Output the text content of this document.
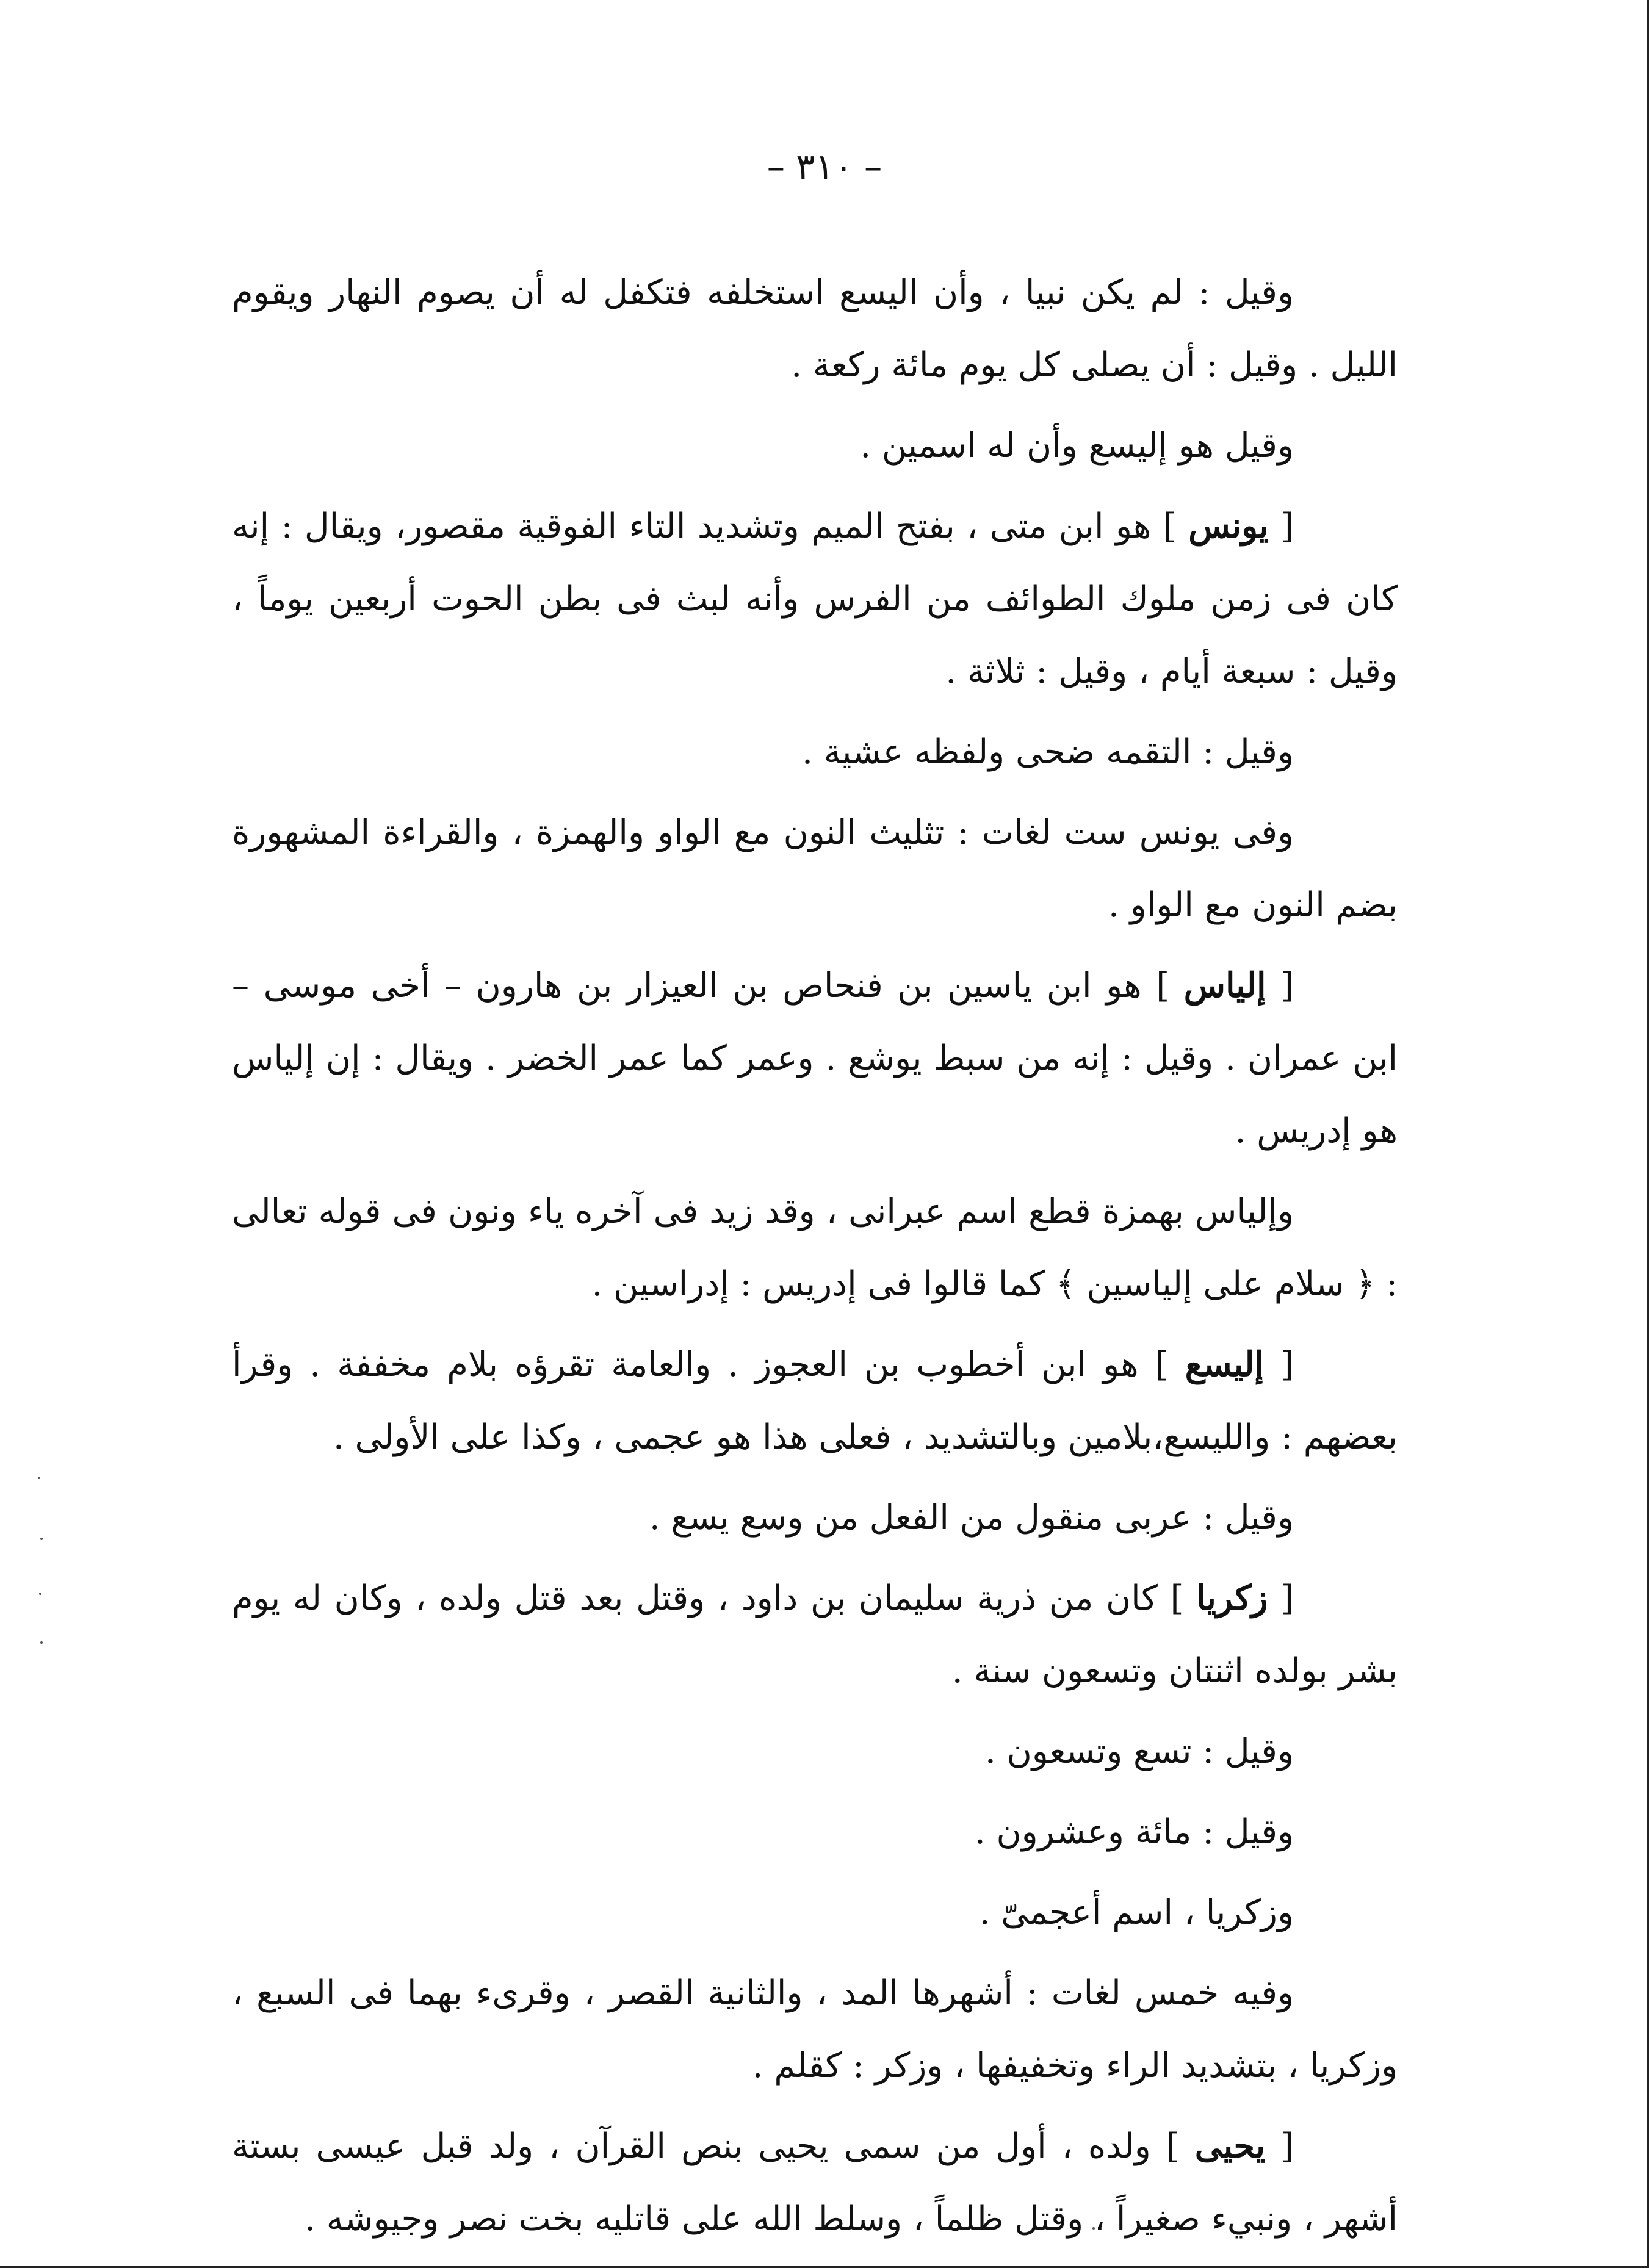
– ٣١٠ –

وقيل : لم يكن نبيا ، وأن اليسع استخلفه فتكفل له أن يصوم النهار ويقوم الليل . وقيل : أن يصلى كل يوم مائة ركعة .

وقيل هو إليسع وأن له اسمين .

[ يونس ] هو ابن متى ، بفتح الميم وتشديد التاء الفوقية مقصور، ويقال : إنه كان فى زمن ملوك الطوائف من الفرس وأنه لبث فى بطن الحوت أربعين يوماً ، وقيل : سبعة أيام ، وقيل : ثلاثة .

وقيل : التقمه ضحى ولفظه عشية .

وفى يونس ست لغات : تثليث النون مع الواو والهمزة ، والقراءة المشهورة بضم النون مع الواو .

[ إلياس ] هو ابن ياسين بن فنحاص بن العيزار بن هارون – أخى موسى – ابن عمران . وقيل : إنه من سبط يوشع . وعمر كما عمر الخضر . ويقال : إن إلياس هو إدريس .

وإلياس بهمزة قطع اسم عبرانى ، وقد زيد فى آخره ياء ونون فى قوله تعالى : ﴿ سلام على إلياسين ﴾ كما قالوا فى إدريس : إدراسين .

[ إليسع ] هو ابن أخطوب بن العجوز . والعامة تقرؤه بلام مخففة . وقرأ بعضهم : والليسع،بلامين وبالتشديد ، فعلى هذا هو عجمى ، وكذا على الأولى .

وقيل : عربى منقول من الفعل من وسع يسع .

[ زكريا ] كان من ذرية سليمان بن داود ، وقتل بعد قتل ولده ، وكان له يوم بشر بولده اثنتان وتسعون سنة .

وقيل : تسع وتسعون .

وقيل : مائة وعشرون .

وزكريا ، اسم أعجمىّ .

وفيه خمس لغات : أشهرها المد ، والثانية القصر ، وقرىء بهما فى السبع ، وزكريا ، بتشديد الراء وتخفيفها ، وزكر : كقلم .

[ يحيى ] ولده ، أول من سمى يحيى بنص القرآن ، ولد قبل عيسى بستة أشهر ، ونبيء صغيراً ، وقتل ظلماً ، وسلط الله على قاتليه بخت نصر وجيوشه .
